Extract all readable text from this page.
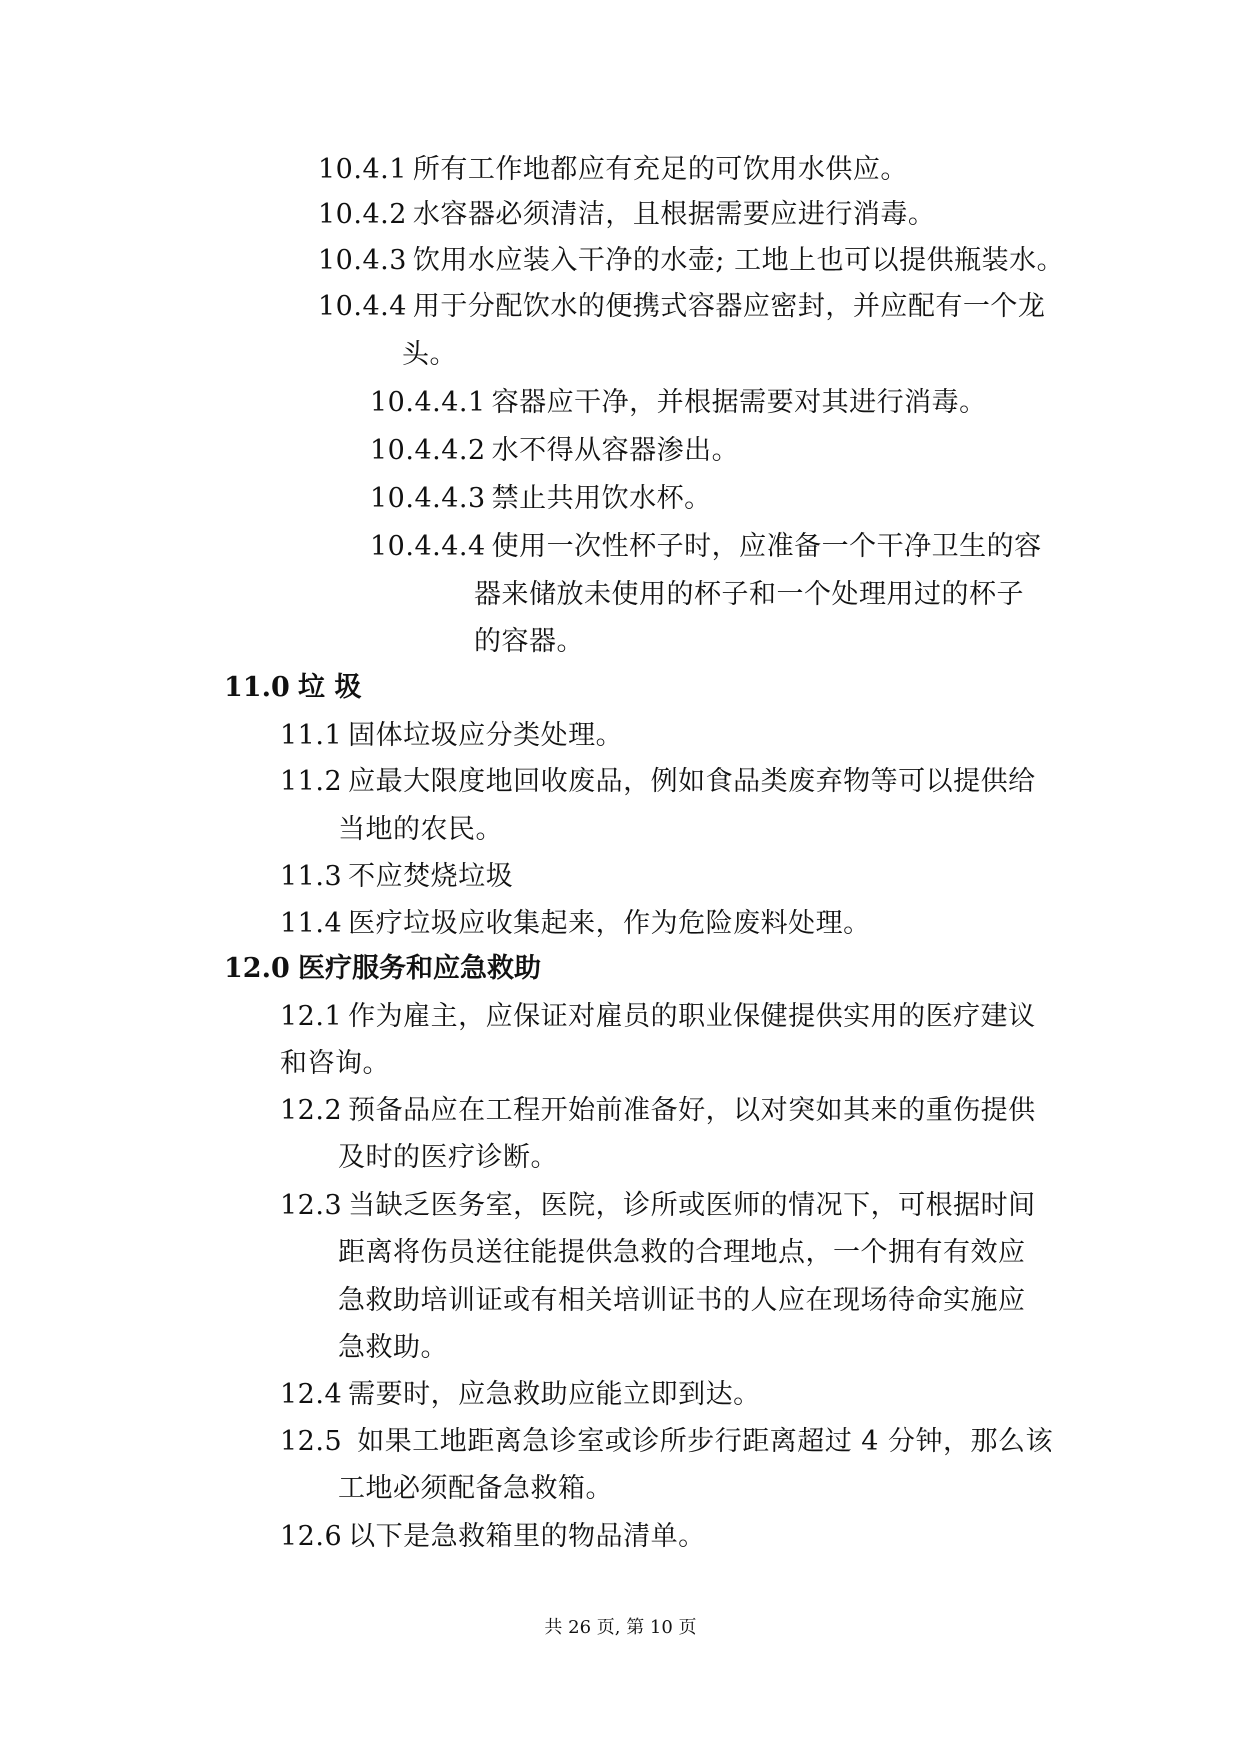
10.4.1 所有工作地都应有充足的可饮用水供应。
10.4.2 水容器必须清洁，且根据需要应进行消毒。
10.4.3 饮用水应装入干净的水壶; 工地上也可以提供瓶装水。
10.4.4 用于分配饮水的便携式容器应密封，并应配有一个龙
头。
10.4.4.1 容器应干净，并根据需要对其进行消毒。
10.4.4.2 水不得从容器渗出。
10.4.4.3 禁止共用饮水杯。
10.4.4.4 使用一次性杯子时，应准备一个干净卫生的容
器来储放未使用的杯子和一个处理用过的杯子
的容器。
11.0 垃 圾
11.1 固体垃圾应分类处理。
11.2 应最大限度地回收废品，例如食品类废弃物等可以提供给
当地的农民。
11.3 不应焚烧垃圾
11.4 医疗垃圾应收集起来，作为危险废料处理。
12.0 医疗服务和应急救助
12.1 作为雇主，应保证对雇员的职业保健提供实用的医疗建议
和咨询。
12.2 预备品应在工程开始前准备好，以对突如其来的重伤提供
及时的医疗诊断。
12.3 当缺乏医务室，医院，诊所或医师的情况下，可根据时间
距离将伤员送往能提供急救的合理地点，一个拥有有效应
急救助培训证或有相关培训证书的人应在现场待命实施应
急救助。
12.4 需要时，应急救助应能立即到达。
12.5 如果工地距离急诊室或诊所步行距离超过 4 分钟，那么该
工地必须配备急救箱。
12.6 以下是急救箱里的物品清单。
共 26 页, 第 10 页
